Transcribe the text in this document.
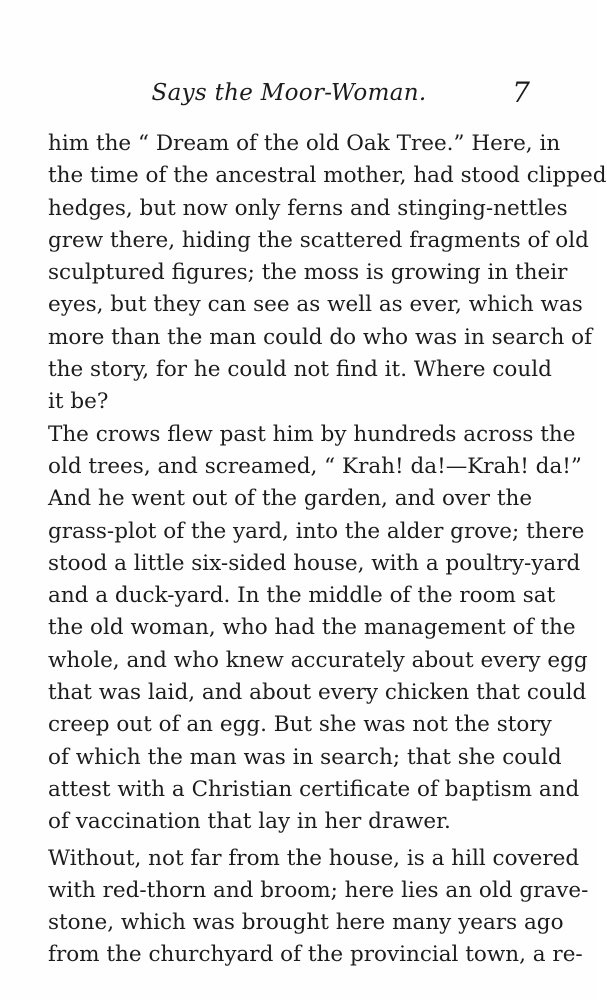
Says the Moor-Woman.	7
him the “ Dream of the old Oak Tree.” Here, in
the time of the ancestral mother, had stood clipped
hedges, but now only ferns and stinging-nettles
grew there, hiding the scattered fragments of old
sculptured figures; the moss is growing in their
eyes, but they can see as well as ever, which was
more than the man could do who was in search of
the story, for he could not find it. Where could
it be?
The crows flew past him by hundreds across the
old trees, and screamed, “ Krah! da!—Krah! da!”
And he went out of the garden, and over the
grass-plot of the yard, into the alder grove; there
stood a little six-sided house, with a poultry-yard
and a duck-yard. In the middle of the room sat
the old woman, who had the management of the
whole, and who knew accurately about every egg
that was laid, and about every chicken that could
creep out of an egg. But she was not the story
of which the man was in search; that she could
attest with a Christian certificate of baptism and
of vaccination that lay in her drawer.
Without, not far from the house, is a hill covered
with red-thorn and broom; here lies an old grave-
stone, which was brought here many years ago
from the churchyard of the provincial town, a re-
